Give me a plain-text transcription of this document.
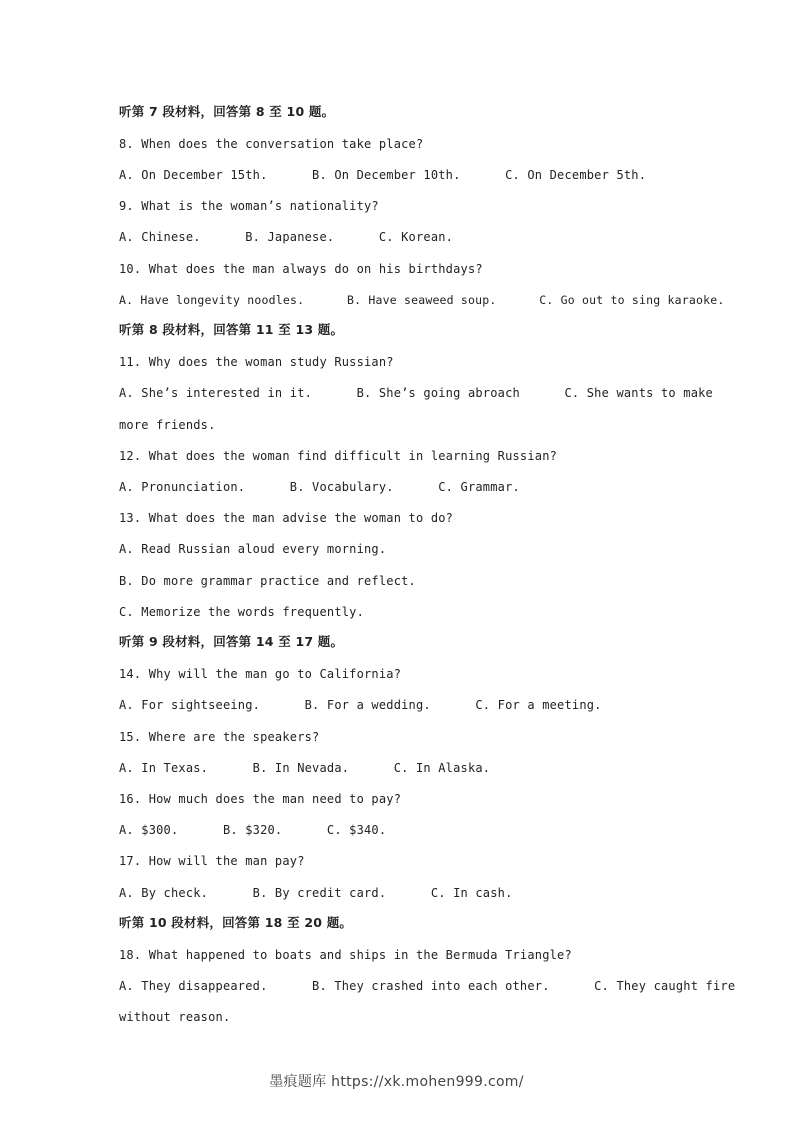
听第 7 段材料，回答第 8 至 10 题。
8. When does the conversation take place?
A. On December 15th.      B. On December 10th.      C. On December 5th.
9. What is the woman’s nationality?
A. Chinese.      B. Japanese.      C. Korean.
10. What does the man always do on his birthdays?
A. Have longevity noodles.      B. Have seaweed soup.      C. Go out to sing karaoke.
听第 8 段材料，回答第 11 至 13 题。
11. Why does the woman study Russian?
A. She’s interested in it.      B. She’s going abroach      C. She wants to make
more friends.
12. What does the woman find difficult in learning Russian?
A. Pronunciation.      B. Vocabulary.      C. Grammar.
13. What does the man advise the woman to do?
A. Read Russian aloud every morning.
B. Do more grammar practice and reflect.
C. Memorize the words frequently.
听第 9 段材料，回答第 14 至 17 题。
14. Why will the man go to California?
A. For sightseeing.      B. For a wedding.      C. For a meeting.
15. Where are the speakers?
A. In Texas.      B. In Nevada.      C. In Alaska.
16. How much does the man need to pay?
A. $300.      B. $320.      C. $340.
17. How will the man pay?
A. By check.      B. By credit card.      C. In cash.
听第 10 段材料，回答第 18 至 20 题。
18. What happened to boats and ships in the Bermuda Triangle?
A. They disappeared.      B. They crashed into each other.      C. They caught fire
without reason.
墨痕题库 https://xk.mohen999.com/
